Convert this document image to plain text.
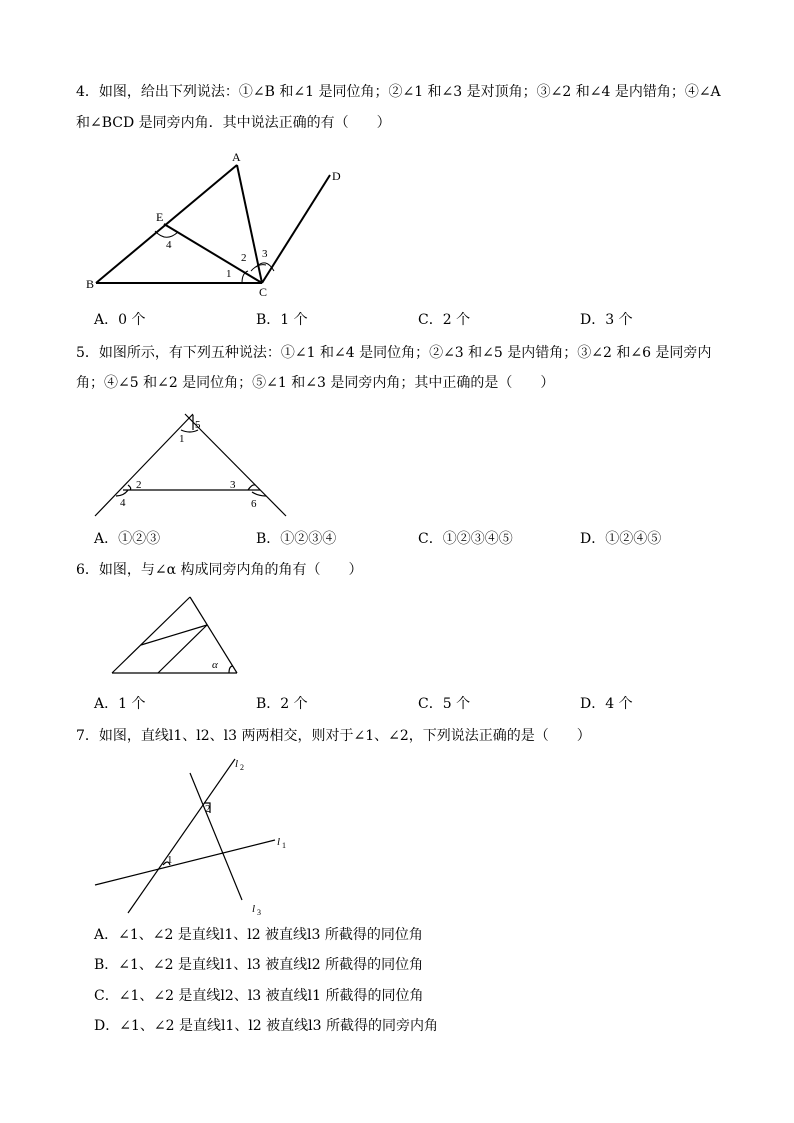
4．如图，给出下列说法：①∠B 和∠1 是同位角；②∠1 和∠3 是对顶角；③∠2 和∠4 是内错角；④∠A
和∠BCD 是同旁内角．其中说法正确的有（　　）
A
B
C
D
E
1
2 3
4
A．0 个	B．1 个	C．2 个	D．3 个
5．如图所示，有下列五种说法：①∠1 和∠4 是同位角；②∠3 和∠5 是内错角；③∠2 和∠6 是同旁内
角；④∠5 和∠2 是同位角；⑤∠1 和∠3 是同旁内角；其中正确的是（　　）
1
2	3
4
5
6
A．①②③	B．①②③④	C．①②③④⑤	D．①②④⑤
6．如图，与∠α 构成同旁内角的角有（　　）
α
A．1 个	B．2 个	C．5 个	D．4 个
7．如图，直线l1、l2、l3 两两相交，则对于∠1、∠2，下列说法正确的是（　　）
l 2
l 1
l 3
1
2
A．∠1、∠2 是直线l1、l2 被直线l3 所截得的同位角
B．∠1、∠2 是直线l1、l3 被直线l2 所截得的同位角
C．∠1、∠2 是直线l2、l3 被直线l1 所截得的同位角
D．∠1、∠2 是直线l1、l2 被直线l3 所截得的同旁内角
